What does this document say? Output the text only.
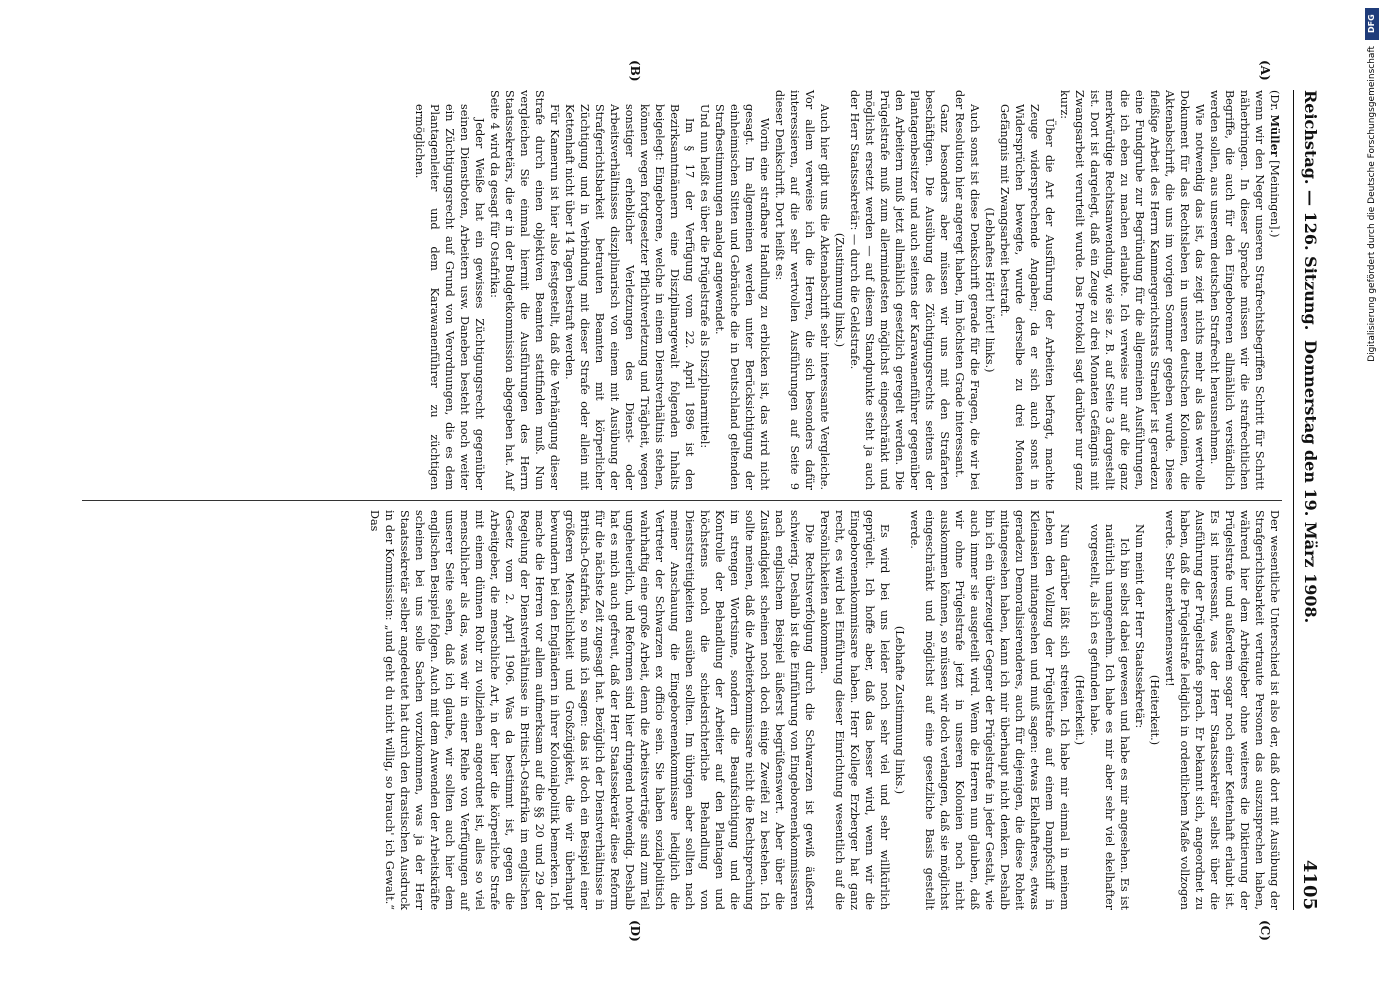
Reichstag. — 126. Sitzung.
Donnerstag den 19. März 1908.
4105
(A)
(B)
(C)
(D)

(Dr. Müller [Meiningen].)

wenn wir den Neger unseren Strafrechtsbegriffen Schritt für Schritt näherbringen. In dieser Sprache müssen wir die strafrechtlichen Begriffe, die auch für den Eingeborenen allmählich verständlich werden sollen, aus unserem deutschen Strafrecht herausnehmen.

Wie notwendig das ist, das zeigt nichts mehr als das wertvolle Dokument für das Rechtsleben in unseren deutschen Kolonien, die Aktenabschrift, die uns im vorigen Sommer gegeben wurde. Diese fleißige Arbeit des Herrn Kammergerichtsrats Straehler ist geradezu eine Fundgrube zur Begründung für die allgemeinen Ausführungen, die ich eben zu machen erlaubte. Ich verweise nur auf die ganz merkwürdige Rechtsanwendung, wie sie z. B. auf Seite 3 dargestellt ist. Dort ist dargelegt, daß ein Zeuge zu drei Monaten Gefängnis mit Zwangsarbeit verurteilt wurde. Das Protokoll sagt darüber nur ganz kurz:

Über die Art der Ausführung der Arbeiten befragt, machte Zeuge widersprechende Angaben; da er sich auch sonst in Widersprüchen bewegte, wurde derselbe zu drei Monaten Gefängnis mit Zwangsarbeit bestraft.

(Lebhaftes Hört! hört! links.)

Auch sonst ist diese Denkschrift gerade für die Fragen, die wir bei der Resolution hier angeregt haben, im höchsten Grade interessant.

Ganz besonders aber müssen wir uns mit den Strafarten beschäftigen. Die Ausübung des Züchtigungsrechts seitens der Plantagenbesitzer und auch seitens der Karawanenführer gegenüber den Arbeitern muß jetzt allmählich gesetzlich geregelt werden. Die Prügelstrafe muß zum allermindesten möglichst eingeschränkt und möglichst ersetzt werden — auf diesem Standpunkte steht ja auch der Herr Staatssekretär: — durch die Geldstrafe.

(Zustimmung links.)

Auch hier gibt uns die Aktenabschrift sehr interessante Vergleiche. Vor allem verweise ich die Herren, die sich besonders dafür interessieren, auf die sehr wertvollen Ausführungen auf Seite 9 dieser Denkschrift. Dort heißt es:

Worin eine strafbare Handlung zu erblicken ist, das wird nicht gesagt. Im allgemeinen werden unter Berücksichtigung der einheimischen Sitten und Gebräuche die in Deutschland geltenden Strafbestimmungen analog angewendet.

Und nun heißt es über die Prügelstrafe als Disziplinarmittel:

Im § 17 der Verfügung vom 22. April 1896 ist den Bezirksamtmännern eine Disziplinargewalt folgenden Inhalts beigelegt: Eingeborene, welche in einem Dienstverhältnis stehen, können wegen fortgesetzter Pflichtverletzung und Trägheit, wegen sonstiger erheblicher Verletzungen des Dienst- oder Arbeitsverhältnisses disziplinarisch von einem mit Ausübung der Strafgerichtsbarkeit betrauten Beamten mit körperlicher Züchtigung und in Verbindung mit dieser Strafe oder allein mit Kettenhaft nicht über 14 Tagen bestraft werden.

Für Kamerun ist hier also festgestellt, daß die Verhängung dieser Strafe durch einen objektiven Beamten stattfinden muß. Nun vergleichen Sie einmal hiermit die Ausführungen des Herrn Staatssekretärs, die er in der Budgetkommission abgegeben hat. Auf Seite 4 wird da gesagt für Ostafrika:

Jeder Weiße hat ein gewisses Züchtigungsrecht gegenüber seinen Dienstboten, Arbeitern usw. Daneben besteht noch weiter ein Züchtigungsrecht auf Grund von Verordnungen, die es dem Plantagenleiter und dem Karawanenführer zu züchtigen ermöglichen.

Der wesentliche Unterschied ist also der, daß dort mit Ausübung der Strafgerichtsbarkeit vertraute Personen das auszusprechen haben, während hier dem Arbeitgeber ohne weiteres die Diktierung der Prügelstrafe und außerdem sogar noch einer Kettenhaft erlaubt ist. Es ist interessant, was der Herr Staatssekretär selbst über die Ausführung der Prügelstrafe sprach. Er bekannt sich, angeordnet zu haben, daß die Prügelstrafe lediglich in ordentlichem Maße vollzogen werde. Sehr anerkennenswert!

(Heiterkeit.)

Nun meint der Herr Staatssekretär:

Ich bin selbst dabei gewesen und habe es mir angesehen. Es ist natürlich unangenehm. Ich habe es mir aber sehr viel ekelhafter vorgestellt, als ich es gefunden habe.

(Heiterkeit.)

Nun darüber läßt sich streiten. Ich habe mir einmal in meinem Leben den Vollzug der Prügelstrafe auf einem Dampfschiff in Kleinasien mitangesehen und muß sagen: etwas Ekelhafteres, etwas geradezu Demoralisierenderes, auch für diejenigen, die diese Roheit mitangesehen haben, kann ich mir überhaupt nicht denken. Deshalb bin ich ein überzeugter Gegner der Prügelstrafe in jeder Gestalt, wie auch immer sie ausgeteilt wird. Wenn die Herren nun glauben, daß wir ohne Prügelstrafe jetzt in unseren Kolonien noch nicht auskommen können, so müssen wir doch verlangen, daß sie möglichst eingeschränkt und möglichst auf eine gesetzliche Basis gestellt werde.

(Lebhafte Zustimmung links.)

Es wird bei uns leider noch sehr viel und sehr willkürlich geprügelt. Ich hoffe aber, daß das besser wird, wenn wir die Eingeborenenkommissare haben. Herr Kollege Erzberger hat ganz recht, es wird bei Einführung dieser Einrichtung wesentlich auf die Persönlichkeiten ankommen.

Die Rechtsverfolgung durch die Schwarzen ist gewiß äußerst schwierig. Deshalb ist die Einführung von Eingeborenenkommissaren nach englischem Beispiel äußerst begrüßenswert. Aber über die Zuständigkeit scheinen noch doch einige Zweifel zu bestehen. Ich sollte meinen, daß die Arbeiterkommissare nicht die Rechtsprechung im strengen Wortsinne, sondern die Beaufsichtigung und die Kontrolle der Behandlung der Arbeiter auf den Plantagen und höchstens noch die schiedsrichterliche Behandlung von Dienststreitigkeiten ausüben sollten. Im übrigen aber sollten nach meiner Anschauung die Eingeborenenkommissare lediglich die Vertreter der Schwarzen ex officio sein. Sie haben sozialpolitisch wahrhaftig eine große Arbeit, denn die Arbeitsverträge sind zum Teil ungeheuerlich, und Reformen sind hier dringend notwendig. Deshalb hat es mich auch gefreut, daß der Herr Staatssekretär diese Reform für die nächste Zeit zugesagt hat. Bezüglich der Dienstverhältnisse in Britisch-Ostafrika, so muß ich sagen: das ist doch ein Beispiel einer größeren Menschlichkeit und Großzügigkeit, die wir überhaupt bewundern bei den Engländern in ihrer Kolonialpolitik bemerken. Ich mache die Herren vor allem aufmerksam auf die §§ 20 und 29 der Regelung der Dienstverhältnisse in Britisch-Ostafrika im englischen Gesetz vom 2. April 1906. Was da bestimmt ist, gegen die Arbeitgeber, die menschliche Art, in der hier die körperliche Strafe mit einem dünnen Rohr zu vollziehen angeordnet ist, alles so viel menschlicher als das, was wir in einer Reihe von Verfügungen auf unserer Seite sehen, daß ich glaube, wir sollten auch hier dem englischen Beispiel folgen. Auch mit dem Anwenden der Arbeitskräfte scheinen bei uns solle Sachen vorzukommen, was ja der Herr Staatssekretär selber angedeutet hat durch den drastischen Ausdruck in der Kommission: „und geht du nicht willig, so brauch' ich Gewalt.“ Das

DFG
Digitalisierung gefördert durch die Deutsche Forschungsgemeinschaft
